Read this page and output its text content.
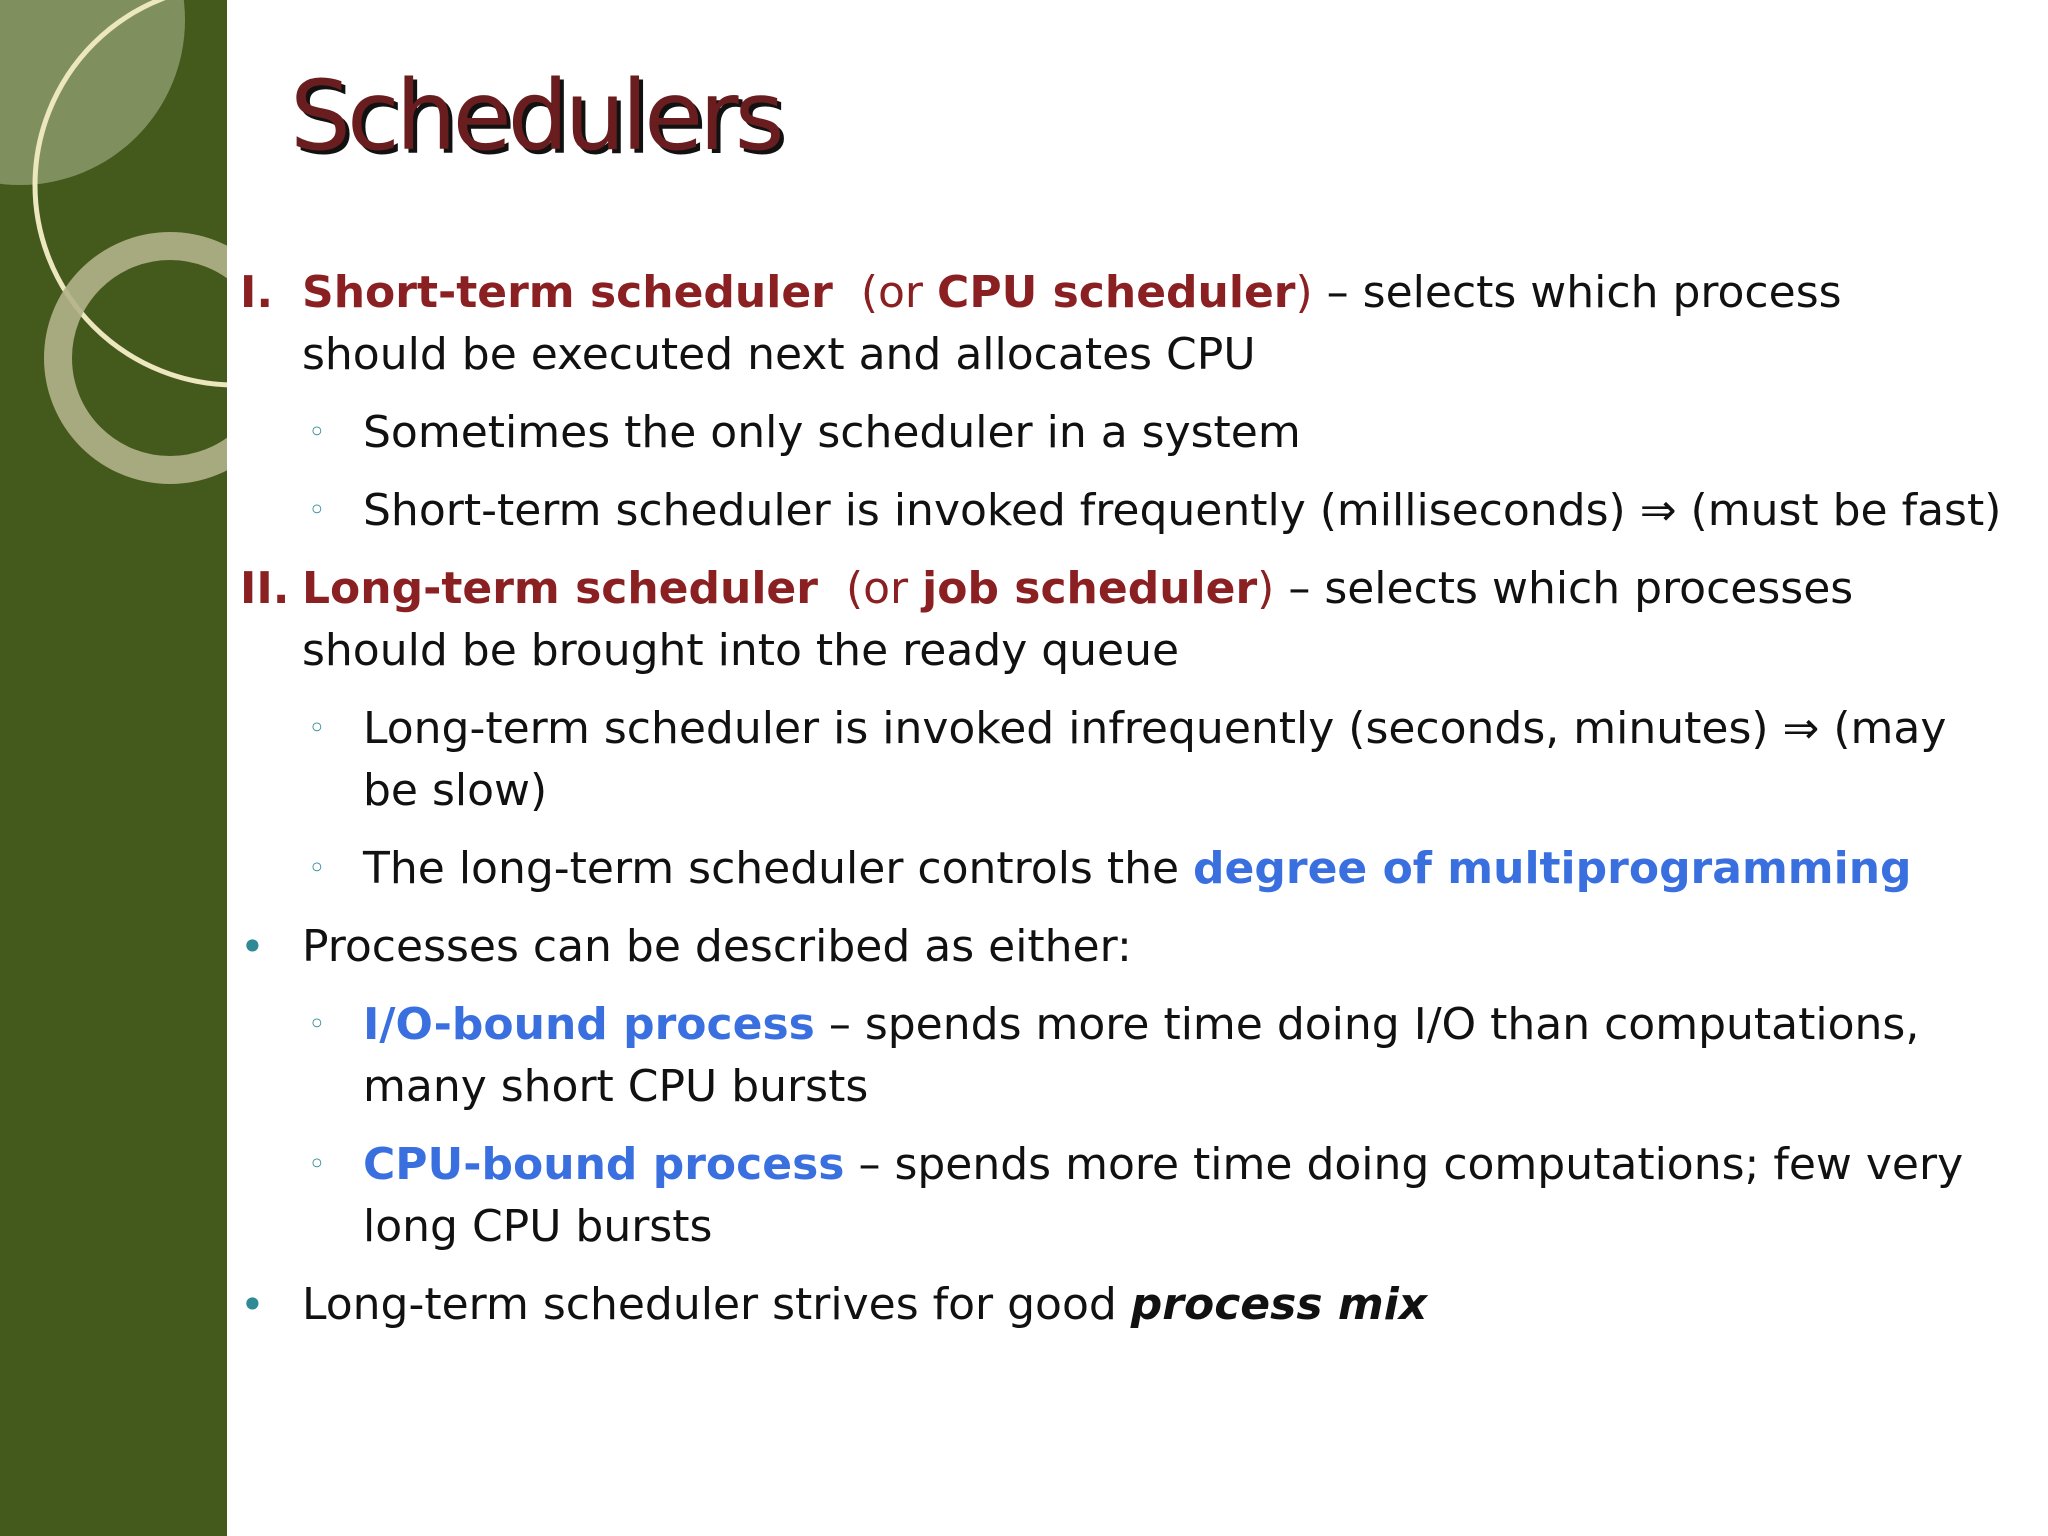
Schedulers
I. Short-term scheduler (or CPU scheduler) – selects which process should be executed next and allocates CPU
◦ Sometimes the only scheduler in a system
◦ Short-term scheduler is invoked frequently (milliseconds) ⇒ (must be fast)
II. Long-term scheduler (or job scheduler) – selects which processes should be brought into the ready queue
◦ Long-term scheduler is invoked infrequently (seconds, minutes) ⇒ (may be slow)
◦ The long-term scheduler controls the degree of multiprogramming
• Processes can be described as either:
◦ I/O-bound process – spends more time doing I/O than computations, many short CPU bursts
◦ CPU-bound process – spends more time doing computations; few very long CPU bursts
• Long-term scheduler strives for good process mix
